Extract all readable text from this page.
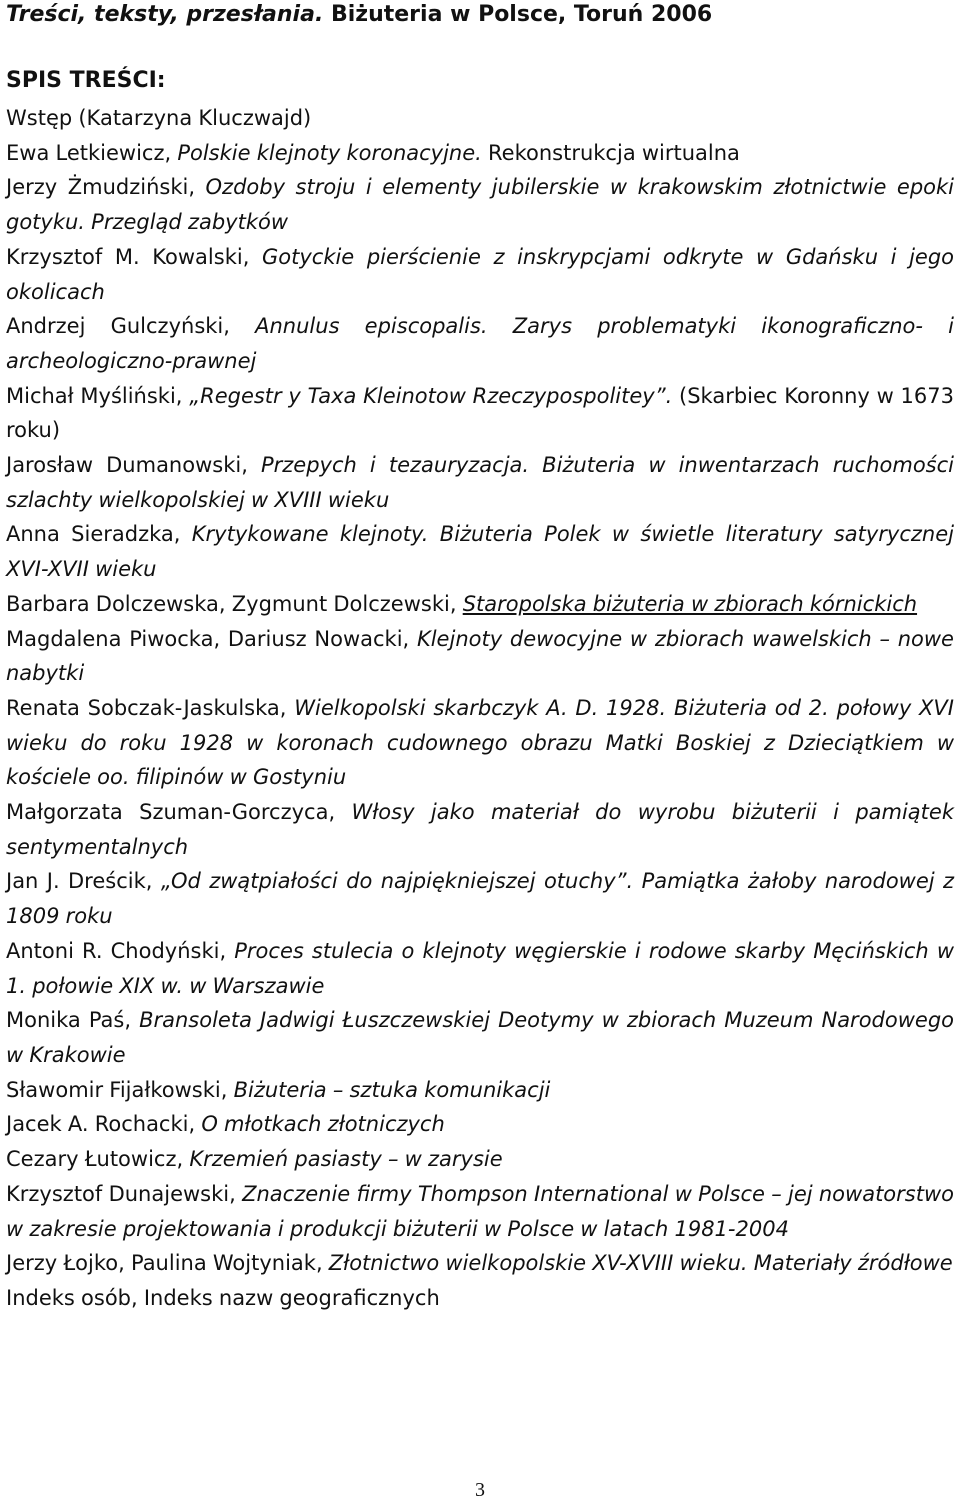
Treści, teksty, przesłania. Biżuteria w Polsce, Toruń 2006
SPIS TREŚCI:
Wstęp (Katarzyna Kluczwajd)
Ewa Letkiewicz, Polskie klejnoty koronacyjne. Rekonstrukcja wirtualna
Jerzy Żmudziński, Ozdoby stroju i elementy jubilerskie w krakowskim złotnictwie epoki gotyku. Przegląd zabytków
Krzysztof M. Kowalski, Gotyckie pierścienie z inskrypcjami odkryte w Gdańsku i jego okolicach
Andrzej Gulczyński, Annulus episcopalis. Zarys problematyki ikonograficzno- i archeologiczno-prawnej
Michał Myśliński, „Regestr y Taxa Kleinotow Rzeczypospolitey”. (Skarbiec Koronny w 1673 roku)
Jarosław Dumanowski, Przepych i tezauryzacja. Biżuteria w inwentarzach ruchomości szlachty wielkopolskiej w XVIII wieku
Anna Sieradzka, Krytykowane klejnoty. Biżuteria Polek w świetle literatury satyrycznej XVI-XVII wieku
Barbara Dolczewska, Zygmunt Dolczewski, Staropolska biżuteria w zbiorach kórnickich
Magdalena Piwocka, Dariusz Nowacki, Klejnoty dewocyjne w zbiorach wawelskich – nowe nabytki
Renata Sobczak-Jaskulska, Wielkopolski skarbczyk A. D. 1928. Biżuteria od 2. połowy XVI wieku do roku 1928 w koronach cudownego obrazu Matki Boskiej z Dzieciątkiem w kościele oo. filipinów w Gostyniu
Małgorzata Szuman-Gorczyca, Włosy jako materiał do wyrobu biżuterii i pamiątek sentymentalnych
Jan J. Dreścik, „Od zwątpiałości do najpiękniejszej otuchy”. Pamiątka żałoby narodowej z 1809 roku
Antoni R. Chodyński, Proces stulecia o klejnoty węgierskie i rodowe skarby Męcińskich w 1. połowie XIX w. w Warszawie
Monika Paś, Bransoleta Jadwigi Łuszczewskiej Deotymy w zbiorach Muzeum Narodowego w Krakowie
Sławomir Fijałkowski, Biżuteria – sztuka komunikacji
Jacek A. Rochacki, O młotkach złotniczych
Cezary Łutowicz, Krzemień pasiasty – w zarysie
Krzysztof Dunajewski, Znaczenie firmy Thompson International w Polsce – jej nowatorstwo w zakresie projektowania i produkcji biżuterii w Polsce w latach 1981-2004
Jerzy Łojko, Paulina Wojtyniak, Złotnictwo wielkopolskie XV-XVIII wieku. Materiały źródłowe
Indeks osób, Indeks nazw geograficznych
3
